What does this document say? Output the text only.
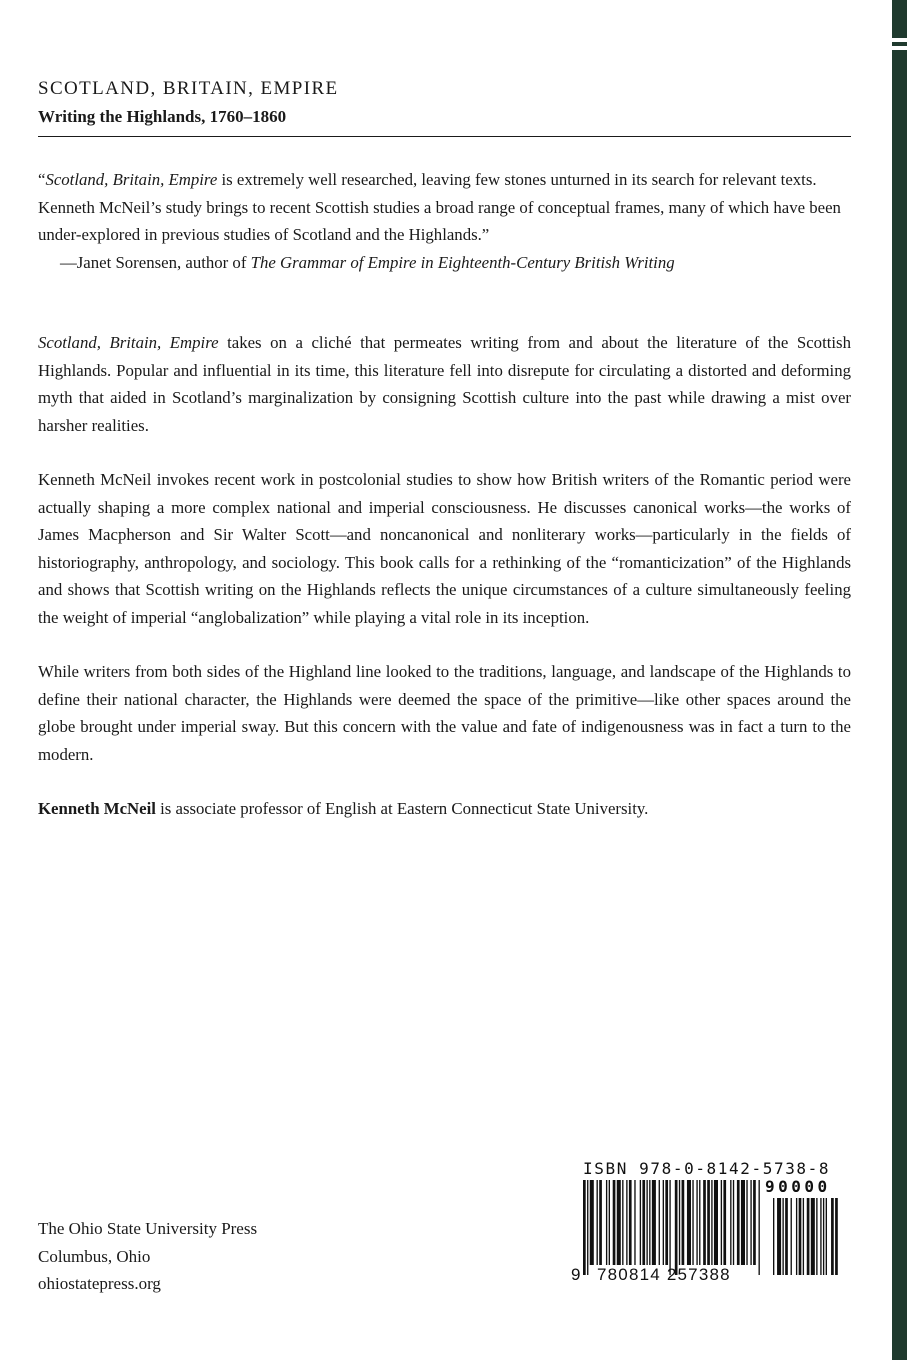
SCOTLAND, BRITAIN, EMPIRE

Writing the Highlands, 1760–1860

“Scotland, Britain, Empire is extremely well researched, leaving few stones unturned in its search for relevant texts. Kenneth McNeil’s study brings to recent Scottish studies a broad range of conceptual frames, many of which have been under-explored in previous studies of Scotland and the Highlands.”

—Janet Sorensen, author of The Grammar of Empire in Eighteenth-Century British Writing

Scotland, Britain, Empire takes on a cliché that permeates writing from and about the literature of the Scottish Highlands. Popular and influential in its time, this literature fell into disrepute for circulating a distorted and deforming myth that aided in Scotland’s marginalization by consigning Scottish culture into the past while drawing a mist over harsher realities.

Kenneth McNeil invokes recent work in postcolonial studies to show how British writers of the Romantic period were actually shaping a more complex national and imperial consciousness. He discusses canonical works—the works of James Macpherson and Sir Walter Scott—and noncanonical and nonliterary works—particularly in the fields of historiography, anthropology, and sociology. This book calls for a rethinking of the “romanticization” of the Highlands and shows that Scottish writing on the Highlands reflects the unique circumstances of a culture simultaneously feeling the weight of imperial “anglobalization” while playing a vital role in its inception.

While writers from both sides of the Highland line looked to the traditions, language, and landscape of the Highlands to define their national character, the Highlands were deemed the space of the primitive—like other spaces around the globe brought under imperial sway. But this concern with the value and fate of indigenousness was in fact a turn to the modern.

Kenneth McNeil is associate professor of English at Eastern Connecticut State University.

The Ohio State University Press
Columbus, Ohio
ohiostatepress.org
ISBN 978-0-8142-5738-8
90000
9 780814 257388
